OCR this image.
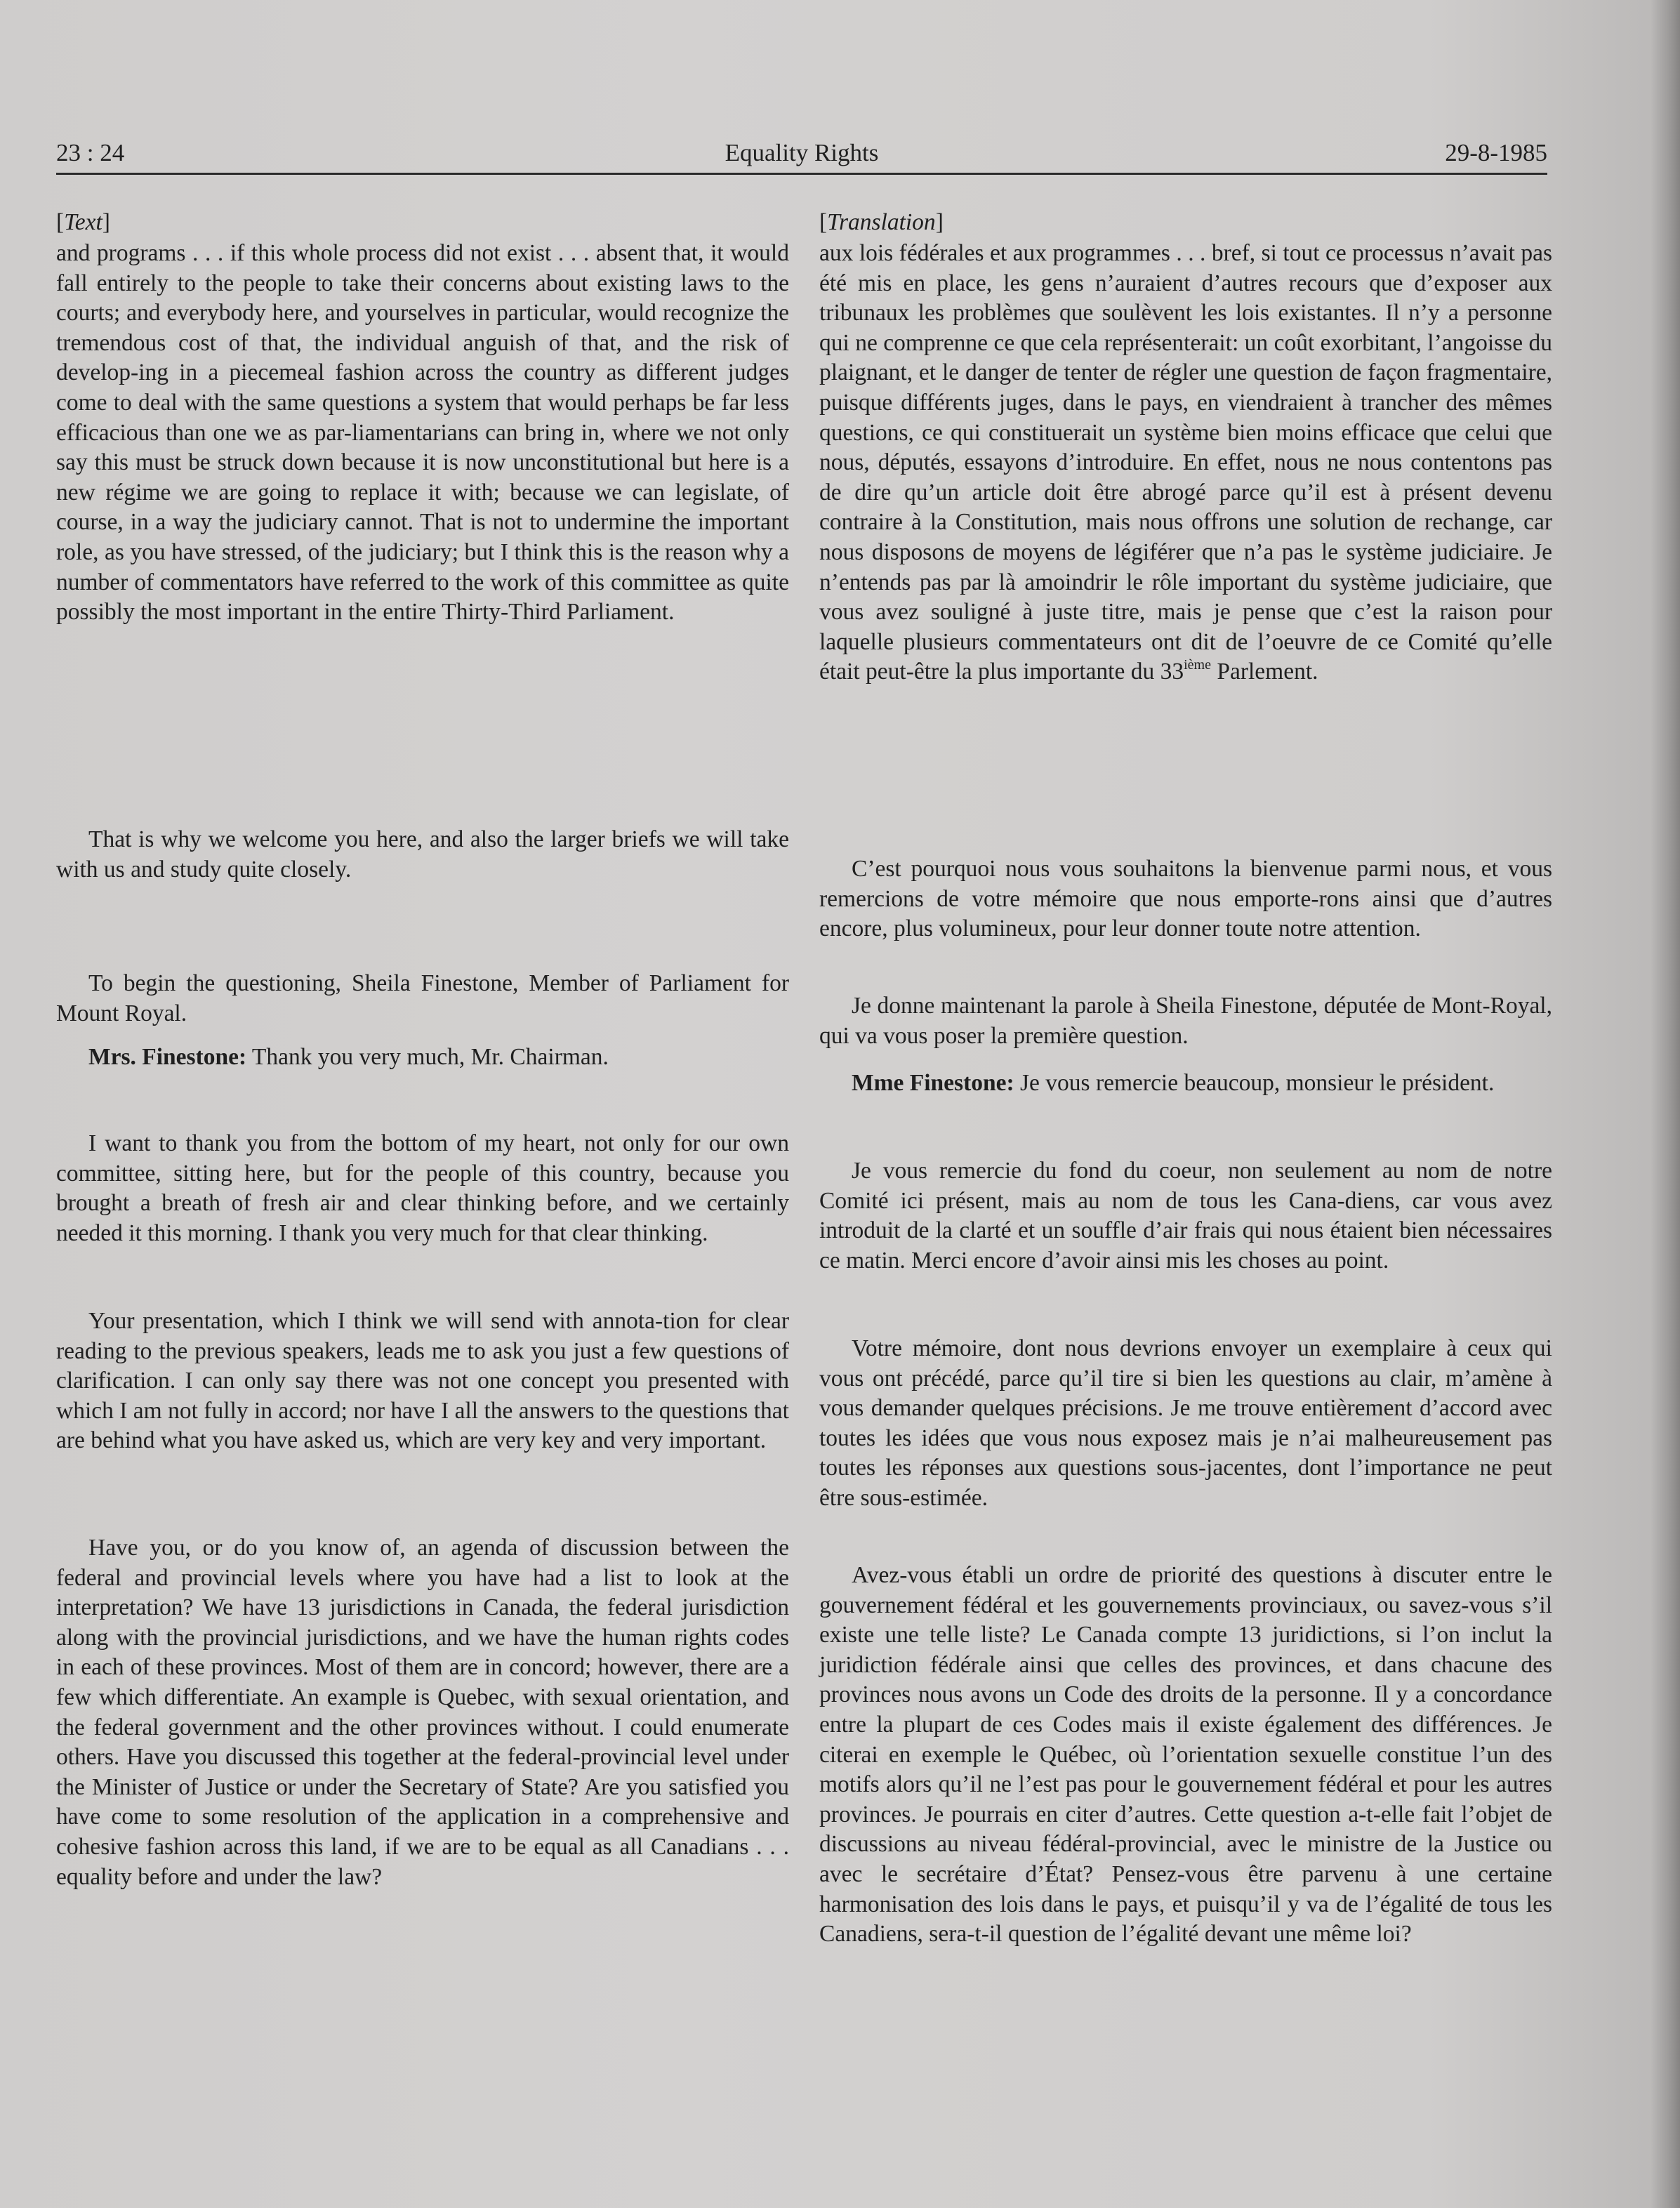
23 : 24	Equality Rights	29-8-1985
[Text]

and programs . . . if this whole process did not exist . . . absent that, it would fall entirely to the people to take their concerns about existing laws to the courts; and everybody here, and yourselves in particular, would recognize the tremendous cost of that, the individual anguish of that, and the risk of develop-ing in a piecemeal fashion across the country as different judges come to deal with the same questions a system that would perhaps be far less efficacious than one we as par-liamentarians can bring in, where we not only say this must be struck down because it is now unconstitutional but here is a new régime we are going to replace it with; because we can legislate, of course, in a way the judiciary cannot. That is not to undermine the important role, as you have stressed, of the judiciary; but I think this is the reason why a number of commentators have referred to the work of this committee as quite possibly the most important in the entire Thirty-Third Parliament.

That is why we welcome you here, and also the larger briefs we will take with us and study quite closely.

To begin the questioning, Sheila Finestone, Member of Parliament for Mount Royal.

Mrs. Finestone: Thank you very much, Mr. Chairman.

I want to thank you from the bottom of my heart, not only for our own committee, sitting here, but for the people of this country, because you brought a breath of fresh air and clear thinking before, and we certainly needed it this morning. I thank you very much for that clear thinking.

Your presentation, which I think we will send with annota-tion for clear reading to the previous speakers, leads me to ask you just a few questions of clarification. I can only say there was not one concept you presented with which I am not fully in accord; nor have I all the answers to the questions that are behind what you have asked us, which are very key and very important.

Have you, or do you know of, an agenda of discussion between the federal and provincial levels where you have had a list to look at the interpretation? We have 13 jurisdictions in Canada, the federal jurisdiction along with the provincial jurisdictions, and we have the human rights codes in each of these provinces. Most of them are in concord; however, there are a few which differentiate. An example is Quebec, with sexual orientation, and the federal government and the other provinces without. I could enumerate others. Have you discussed this together at the federal-provincial level under the Minister of Justice or under the Secretary of State? Are you satisfied you have come to some resolution of the application in a comprehensive and cohesive fashion across this land, if we are to be equal as all Canadians . . . equality before and under the law?

[Translation]

aux lois fédérales et aux programmes . . . bref, si tout ce processus n’avait pas été mis en place, les gens n’auraient d’autres recours que d’exposer aux tribunaux les problèmes que soulèvent les lois existantes. Il n’y a personne qui ne comprenne ce que cela représenterait: un coût exorbitant, l’angoisse du plaignant, et le danger de tenter de régler une question de façon fragmentaire, puisque différents juges, dans le pays, en viendraient à trancher des mêmes questions, ce qui constituerait un système bien moins efficace que celui que nous, députés, essayons d’introduire. En effet, nous ne nous contentons pas de dire qu’un article doit être abrogé parce qu’il est à présent devenu contraire à la Constitution, mais nous offrons une solution de rechange, car nous disposons de moyens de légiférer que n’a pas le système judiciaire. Je n’entends pas par là amoindrir le rôle important du système judiciaire, que vous avez souligné à juste titre, mais je pense que c’est la raison pour laquelle plusieurs commentateurs ont dit de l’oeuvre de ce Comité qu’elle était peut-être la plus importante du 33ième Parlement.

C’est pourquoi nous vous souhaitons la bienvenue parmi nous, et vous remercions de votre mémoire que nous emporte-rons ainsi que d’autres encore, plus volumineux, pour leur donner toute notre attention.

Je donne maintenant la parole à Sheila Finestone, députée de Mont-Royal, qui va vous poser la première question.

Mme Finestone: Je vous remercie beaucoup, monsieur le président.

Je vous remercie du fond du coeur, non seulement au nom de notre Comité ici présent, mais au nom de tous les Cana-diens, car vous avez introduit de la clarté et un souffle d’air frais qui nous étaient bien nécessaires ce matin. Merci encore d’avoir ainsi mis les choses au point.

Votre mémoire, dont nous devrions envoyer un exemplaire à ceux qui vous ont précédé, parce qu’il tire si bien les questions au clair, m’amène à vous demander quelques précisions. Je me trouve entièrement d’accord avec toutes les idées que vous nous exposez mais je n’ai malheureusement pas toutes les réponses aux questions sous-jacentes, dont l’importance ne peut être sous-estimée.

Avez-vous établi un ordre de priorité des questions à discuter entre le gouvernement fédéral et les gouvernements provinciaux, ou savez-vous s’il existe une telle liste? Le Canada compte 13 juridictions, si l’on inclut la juridiction fédérale ainsi que celles des provinces, et dans chacune des provinces nous avons un Code des droits de la personne. Il y a concordance entre la plupart de ces Codes mais il existe également des différences. Je citerai en exemple le Québec, où l’orientation sexuelle constitue l’un des motifs alors qu’il ne l’est pas pour le gouvernement fédéral et pour les autres provinces. Je pourrais en citer d’autres. Cette question a-t-elle fait l’objet de discussions au niveau fédéral-provincial, avec le ministre de la Justice ou avec le secrétaire d’État? Pensez-vous être parvenu à une certaine harmonisation des lois dans le pays, et puisqu’il y va de l’égalité de tous les Canadiens, sera-t-il question de l’égalité devant une même loi?
